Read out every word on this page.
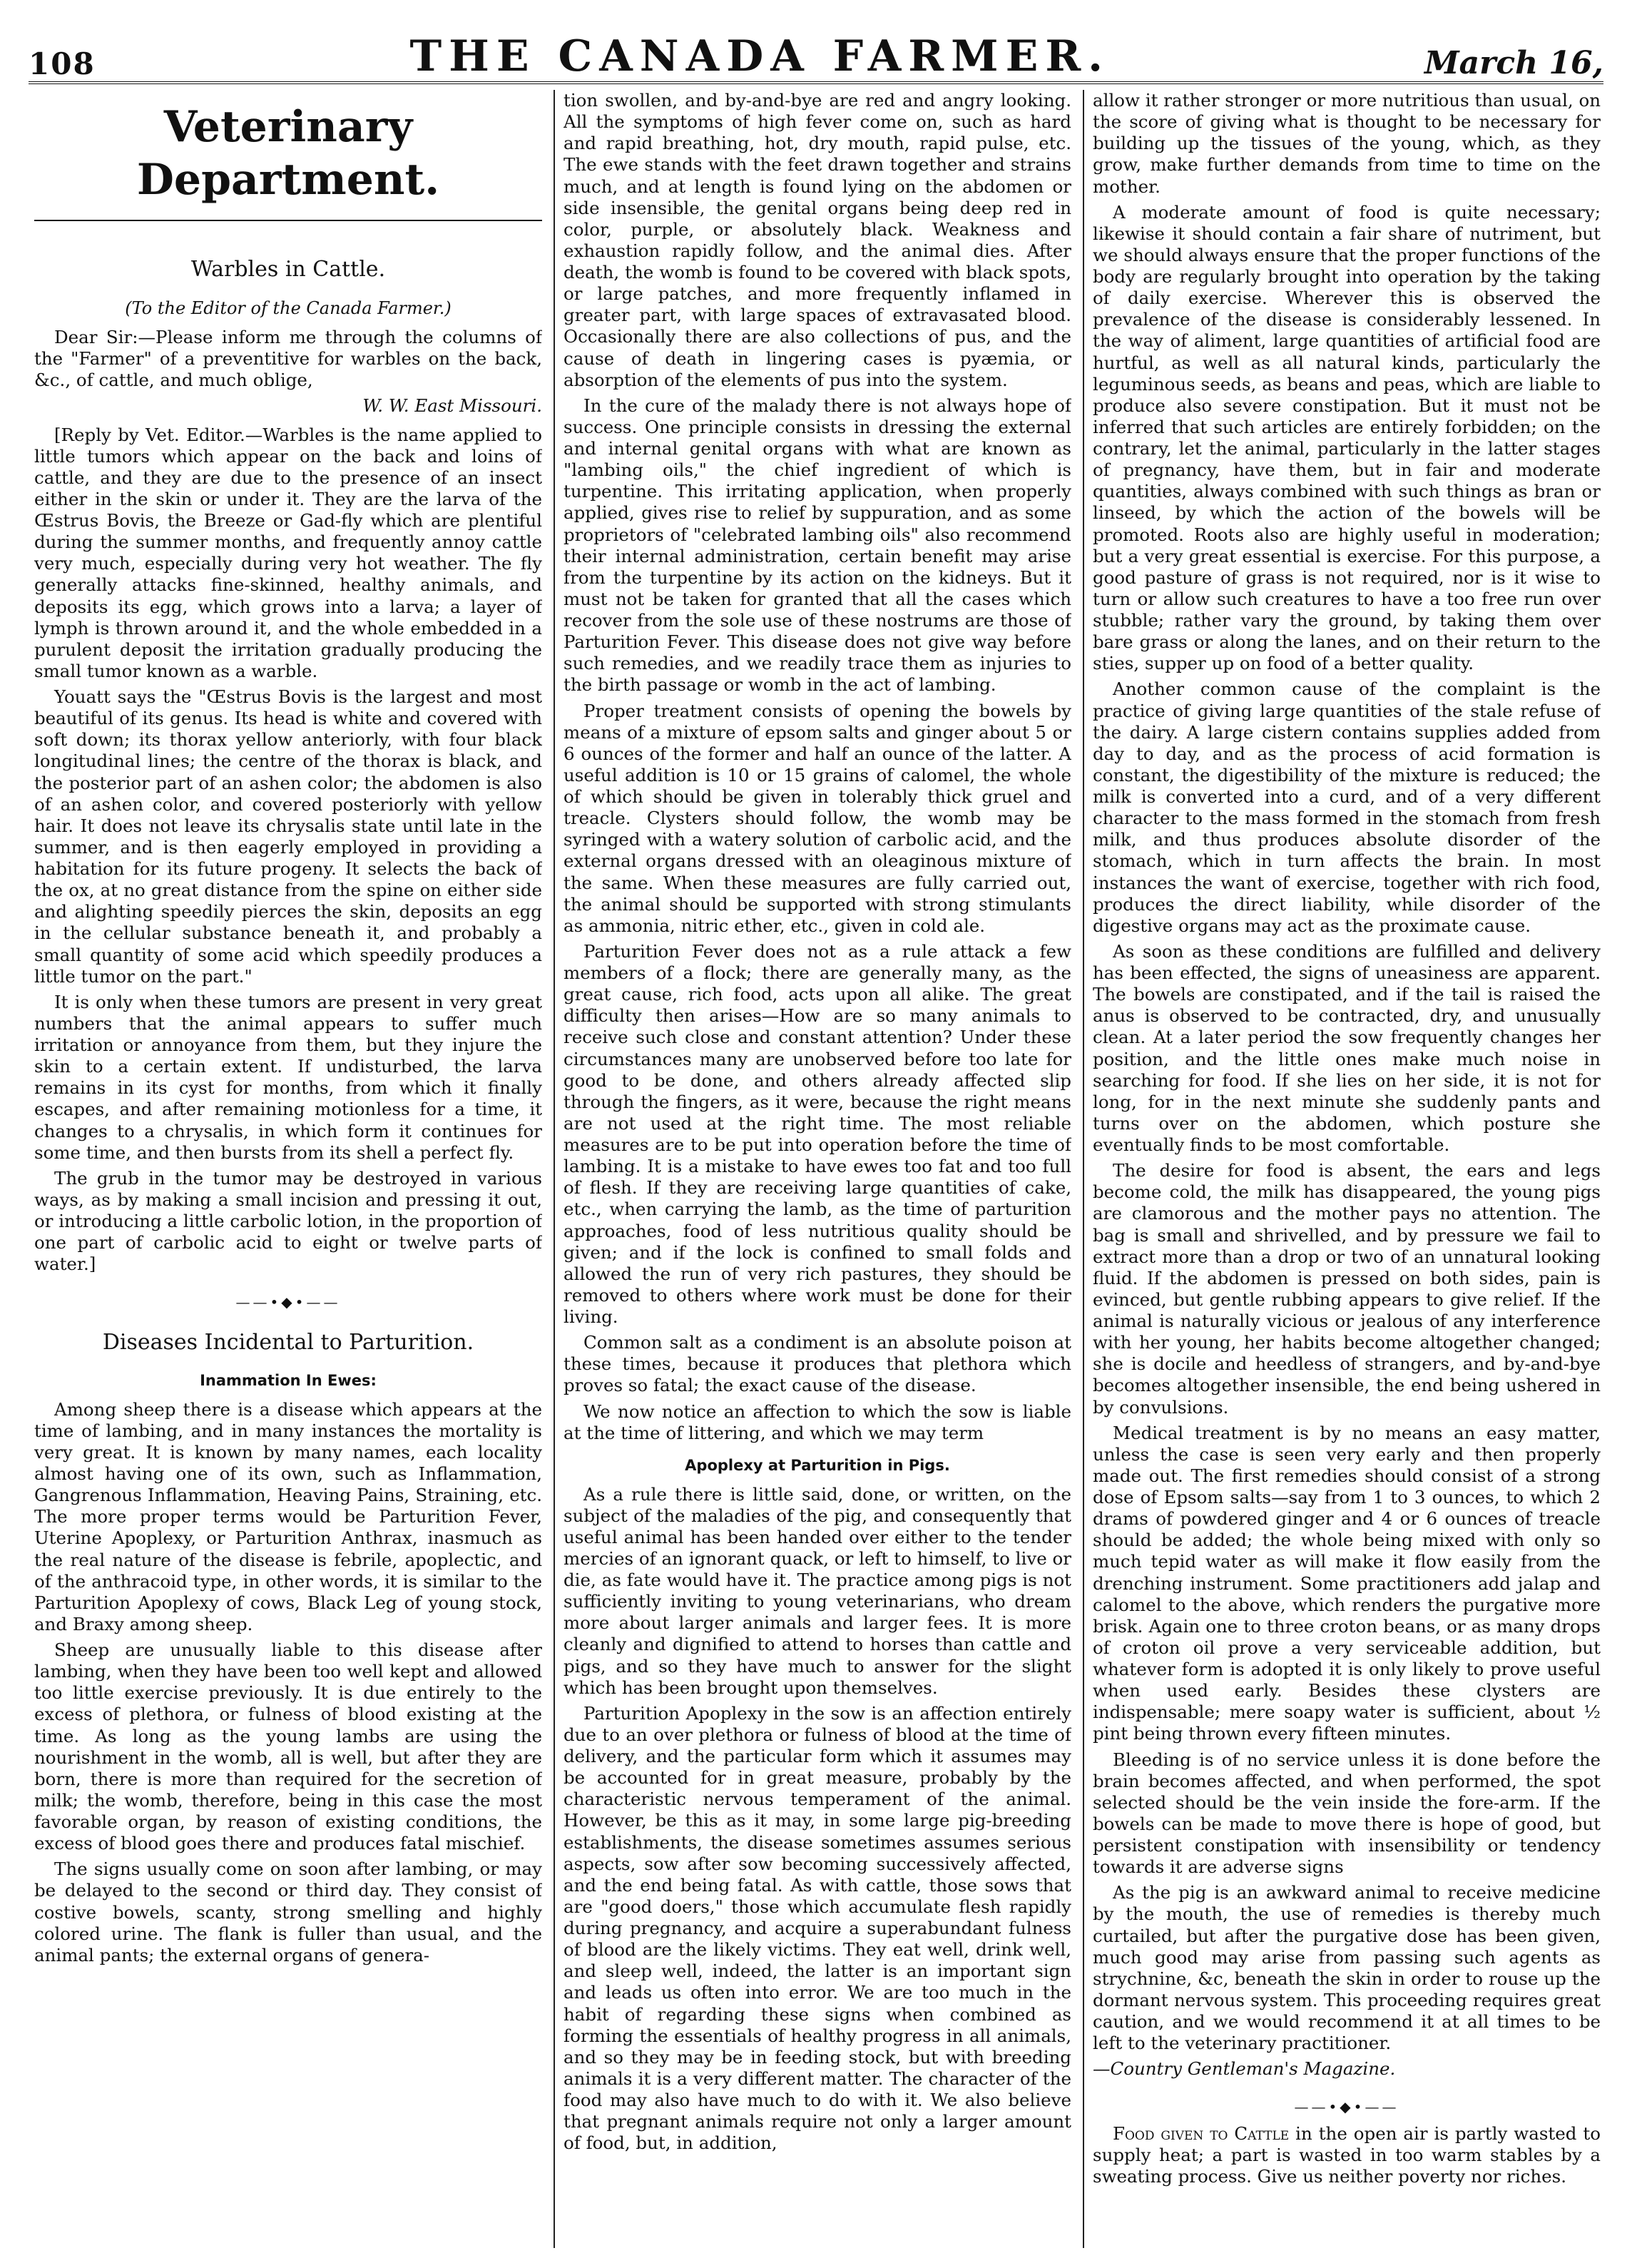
108	THE CANADA FARMER.	March 16,
Veterinary Department.
Warbles in Cattle.
(To the Editor of the Canada Farmer.)

Dear Sir:—Please inform me through the columns of the "Farmer" of a preventitive for warbles on the back, &c., of cattle, and much oblige,

W. W. East Missouri.

[Reply by Vet. Editor.—Warbles is the name applied to little tumors which appear on the back and loins of cattle, and they are due to the presence of an insect either in the skin or under it. They are the larva of the Œstrus Bovis, the Breeze or Gad-fly which are plentiful during the summer months, and frequently annoy cattle very much, especially during very hot weather. The fly generally attacks fine-skinned, healthy animals, and deposits its egg, which grows into a larva; a layer of lymph is thrown around it, and the whole embedded in a purulent deposit the irritation gradually producing the small tumor known as a warble.

Youatt says the "Œstrus Bovis is the largest and most beautiful of its genus. Its head is white and covered with soft down; its thorax yellow anteriorly, with four black longitudinal lines; the centre of the thorax is black, and the posterior part of an ashen color; the abdomen is also of an ashen color, and covered posteriorly with yellow hair. It does not leave its chrysalis state until late in the summer, and is then eagerly employed in providing a habitation for its future progeny. It selects the back of the ox, at no great distance from the spine on either side and alighting speedily pierces the skin, deposits an egg in the cellular substance beneath it, and probably a small quantity of some acid which speedily produces a little tumor on the part."

It is only when these tumors are present in very great numbers that the animal appears to suffer much irritation or annoyance from them, but they injure the skin to a certain extent. If undisturbed, the larva remains in its cyst for months, from which it finally escapes, and after remaining motionless for a time, it changes to a chrysalis, in which form it continues for some time, and then bursts from its shell a perfect fly.

The grub in the tumor may be destroyed in various ways, as by making a small incision and pressing it out, or introducing a little carbolic lotion, in the proportion of one part of carbolic acid to eight or twelve parts of water.]

——•◆•——
Diseases Incidental to Parturition.
Inammation In Ewes:

Among sheep there is a disease which appears at the time of lambing, and in many instances the mortality is very great. It is known by many names, each locality almost having one of its own, such as Inflammation, Gangrenous Inflammation, Heaving Pains, Straining, etc. The more proper terms would be Parturition Fever, Uterine Apoplexy, or Parturition Anthrax, inasmuch as the real nature of the disease is febrile, apoplectic, and of the anthracoid type, in other words, it is similar to the Parturition Apoplexy of cows, Black Leg of young stock, and Braxy among sheep.

Sheep are unusually liable to this disease after lambing, when they have been too well kept and allowed too little exercise previously. It is due entirely to the excess of plethora, or fulness of blood existing at the time. As long as the young lambs are using the nourishment in the womb, all is well, but after they are born, there is more than required for the secretion of milk; the womb, therefore, being in this case the most favorable organ, by reason of existing conditions, the excess of blood goes there and produces fatal mischief.

The signs usually come on soon after lambing, or may be delayed to the second or third day. They consist of costive bowels, scanty, strong smelling and highly colored urine. The flank is fuller than usual, and the animal pants; the external organs of genera-

tion swollen, and by-and-bye are red and angry looking. All the symptoms of high fever come on, such as hard and rapid breathing, hot, dry mouth, rapid pulse, etc. The ewe stands with the feet drawn together and strains much, and at length is found lying on the abdomen or side insensible, the genital organs being deep red in color, purple, or absolutely black. Weakness and exhaustion rapidly follow, and the animal dies. After death, the womb is found to be covered with black spots, or large patches, and more frequently inflamed in greater part, with large spaces of extravasated blood. Occasionally there are also collections of pus, and the cause of death in lingering cases is pyæmia, or absorption of the elements of pus into the system.

In the cure of the malady there is not always hope of success. One principle consists in dressing the external and internal genital organs with what are known as "lambing oils," the chief ingredient of which is turpentine. This irritating application, when properly applied, gives rise to relief by suppuration, and as some proprietors of "celebrated lambing oils" also recommend their internal administration, certain benefit may arise from the turpentine by its action on the kidneys. But it must not be taken for granted that all the cases which recover from the sole use of these nostrums are those of Parturition Fever. This disease does not give way before such remedies, and we readily trace them as injuries to the birth passage or womb in the act of lambing.

Proper treatment consists of opening the bowels by means of a mixture of epsom salts and ginger about 5 or 6 ounces of the former and half an ounce of the latter. A useful addition is 10 or 15 grains of calomel, the whole of which should be given in tolerably thick gruel and treacle. Clysters should follow, the womb may be syringed with a watery solution of carbolic acid, and the external organs dressed with an oleaginous mixture of the same. When these measures are fully carried out, the animal should be supported with strong stimulants as ammonia, nitric ether, etc., given in cold ale.

Parturition Fever does not as a rule attack a few members of a flock; there are generally many, as the great cause, rich food, acts upon all alike. The great difficulty then arises—How are so many animals to receive such close and constant attention? Under these circumstances many are unobserved before too late for good to be done, and others already affected slip through the fingers, as it were, because the right means are not used at the right time. The most reliable measures are to be put into operation before the time of lambing. It is a mistake to have ewes too fat and too full of flesh. If they are receiving large quantities of cake, etc., when carrying the lamb, as the time of parturition approaches, food of less nutritious quality should be given; and if the lock is confined to small folds and allowed the run of very rich pastures, they should be removed to others where work must be done for their living.

Common salt as a condiment is an absolute poison at these times, because it produces that plethora which proves so fatal; the exact cause of the disease.

We now notice an affection to which the sow is liable at the time of littering, and which we may term

Apoplexy at Parturition in Pigs.

As a rule there is little said, done, or written, on the subject of the maladies of the pig, and consequently that useful animal has been handed over either to the tender mercies of an ignorant quack, or left to himself, to live or die, as fate would have it. The practice among pigs is not sufficiently inviting to young veterinarians, who dream more about larger animals and larger fees. It is more cleanly and dignified to attend to horses than cattle and pigs, and so they have much to answer for the slight which has been brought upon themselves.

Parturition Apoplexy in the sow is an affection entirely due to an over plethora or fulness of blood at the time of delivery, and the particular form which it assumes may be accounted for in great measure, probably by the characteristic nervous temperament of the animal. However, be this as it may, in some large pig-breeding establishments, the disease sometimes assumes serious aspects, sow after sow becoming successively affected, and the end being fatal. As with cattle, those sows that are "good doers," those which accumulate flesh rapidly during pregnancy, and acquire a superabundant fulness of blood are the likely victims. They eat well, drink well, and sleep well, indeed, the latter is an important sign and leads us often into error. We are too much in the habit of regarding these signs when combined as forming the essentials of healthy progress in all animals, and so they may be in feeding stock, but with breeding animals it is a very different matter. The character of the food may also have much to do with it. We also believe that pregnant animals require not only a larger amount of food, but, in addition,

allow it rather stronger or more nutritious than usual, on the score of giving what is thought to be necessary for building up the tissues of the young, which, as they grow, make further demands from time to time on the mother.

A moderate amount of food is quite necessary; likewise it should contain a fair share of nutriment, but we should always ensure that the proper functions of the body are regularly brought into operation by the taking of daily exercise. Wherever this is observed the prevalence of the disease is considerably lessened. In the way of aliment, large quantities of artificial food are hurtful, as well as all natural kinds, particularly the leguminous seeds, as beans and peas, which are liable to produce also severe constipation. But it must not be inferred that such articles are entirely forbidden; on the contrary, let the animal, particularly in the latter stages of pregnancy, have them, but in fair and moderate quantities, always combined with such things as bran or linseed, by which the action of the bowels will be promoted. Roots also are highly useful in moderation; but a very great essential is exercise. For this purpose, a good pasture of grass is not required, nor is it wise to turn or allow such creatures to have a too free run over stubble; rather vary the ground, by taking them over bare grass or along the lanes, and on their return to the sties, supper up on food of a better quality.

Another common cause of the complaint is the practice of giving large quantities of the stale refuse of the dairy. A large cistern contains supplies added from day to day, and as the process of acid formation is constant, the digestibility of the mixture is reduced; the milk is converted into a curd, and of a very different character to the mass formed in the stomach from fresh milk, and thus produces absolute disorder of the stomach, which in turn affects the brain. In most instances the want of exercise, together with rich food, produces the direct liability, while disorder of the digestive organs may act as the proximate cause.

As soon as these conditions are fulfilled and delivery has been effected, the signs of uneasiness are apparent. The bowels are constipated, and if the tail is raised the anus is observed to be contracted, dry, and unusually clean. At a later period the sow frequently changes her position, and the little ones make much noise in searching for food. If she lies on her side, it is not for long, for in the next minute she suddenly pants and turns over on the abdomen, which posture she eventually finds to be most comfortable.

The desire for food is absent, the ears and legs become cold, the milk has disappeared, the young pigs are clamorous and the mother pays no attention. The bag is small and shrivelled, and by pressure we fail to extract more than a drop or two of an unnatural looking fluid. If the abdomen is pressed on both sides, pain is evinced, but gentle rubbing appears to give relief. If the animal is naturally vicious or jealous of any interference with her young, her habits become altogether changed; she is docile and heedless of strangers, and by-and-bye becomes altogether insensible, the end being ushered in by convulsions.

Medical treatment is by no means an easy matter, unless the case is seen very early and then properly made out. The first remedies should consist of a strong dose of Epsom salts—say from 1 to 3 ounces, to which 2 drams of powdered ginger and 4 or 6 ounces of treacle should be added; the whole being mixed with only so much tepid water as will make it flow easily from the drenching instrument. Some practitioners add jalap and calomel to the above, which renders the purgative more brisk. Again one to three croton beans, or as many drops of croton oil prove a very serviceable addition, but whatever form is adopted it is only likely to prove useful when used early. Besides these clysters are indispensable; mere soapy water is sufficient, about ½ pint being thrown every fifteen minutes.

Bleeding is of no service unless it is done before the brain becomes affected, and when performed, the spot selected should be the vein inside the fore-arm. If the bowels can be made to move there is hope of good, but persistent constipation with insensibility or tendency towards it are adverse signs

As the pig is an awkward animal to receive medicine by the mouth, the use of remedies is thereby much curtailed, but after the purgative dose has been given, much good may arise from passing such agents as strychnine, &c, beneath the skin in order to rouse up the dormant nervous system. This proceeding requires great caution, and we would recommend it at all times to be left to the veterinary practitioner.

—Country Gentleman's Magazine.

——•◆•——

Food given to Cattle in the open air is partly wasted to supply heat; a part is wasted in too warm stables by a sweating process. Give us neither poverty nor riches.
